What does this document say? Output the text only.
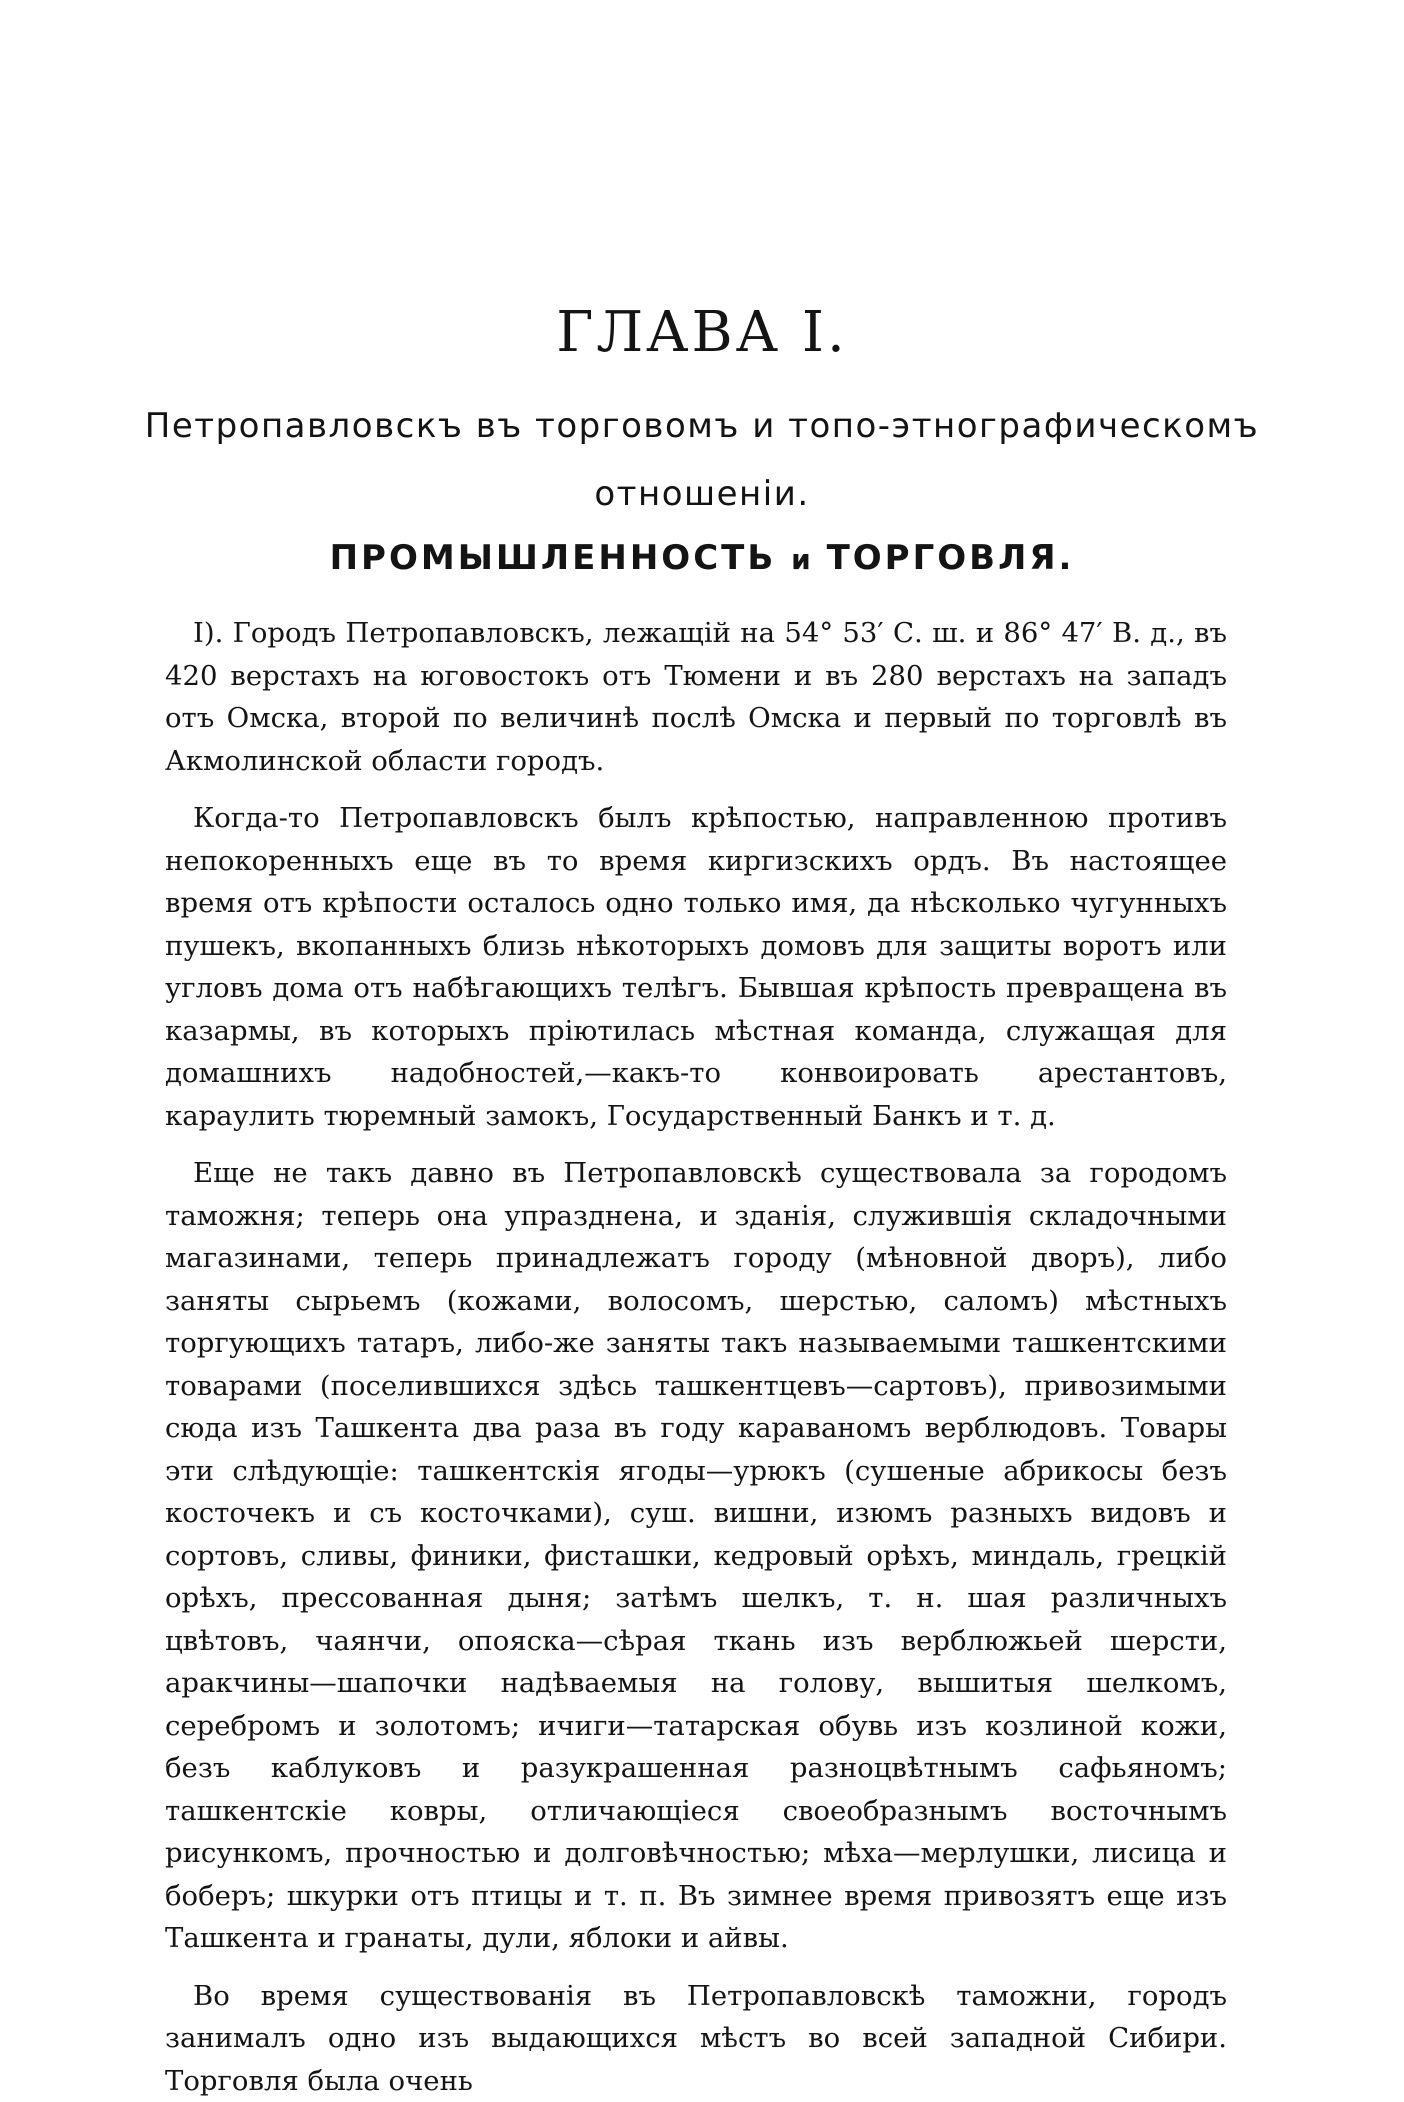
ГЛАВА I.
Петропавловскъ въ торговомъ и топо-этнографическомъ отношеніи.
ПРОМЫШЛЕННОСТЬ и ТОРГОВЛЯ.

I). Городъ Петропавловскъ, лежащій на 54° 53′ С. ш. и 86° 47′ В. д., въ 420 верстахъ на юговостокъ отъ Тюмени и въ 280 верстахъ на западъ отъ Омска, второй по величинѣ послѣ Омска и первый по торговлѣ въ Акмолинской области городъ.

Когда-то Петропавловскъ былъ крѣпостью, направленною противъ непокоренныхъ еще въ то время киргизскихъ ордъ. Въ настоящее время отъ крѣпости осталось одно только имя, да нѣсколько чугунныхъ пушекъ, вкопанныхъ близь нѣкоторыхъ домовъ для защиты воротъ или угловъ дома отъ набѣгающихъ телѣгъ. Бывшая крѣпость превращена въ казармы, въ которыхъ пріютилась мѣстная команда, служащая для домашнихъ надобностей,—какъ-то конвоировать арестантовъ, караулить тюремный замокъ, Государственный Банкъ и т. д.

Еще не такъ давно въ Петропавловскѣ существовала за городомъ таможня; теперь она упразднена, и зданія, служившія складочными магазинами, теперь принадлежатъ городу (мѣновной дворъ), либо заняты сырьемъ (кожами, волосомъ, шерстью, саломъ) мѣстныхъ торгующихъ татаръ, либо-же заняты такъ называемыми ташкентскими товарами (поселившихся здѣсь ташкентцевъ—сартовъ), привозимыми сюда изъ Ташкента два раза въ году караваномъ верблюдовъ. Товары эти слѣдующіе: ташкентскія ягоды—урюкъ (сушеные абрикосы безъ косточекъ и съ косточками), суш. вишни, изюмъ разныхъ видовъ и сортовъ, сливы, финики, фисташки, кедровый орѣхъ, миндаль, грецкій орѣхъ, прессованная дыня; затѣмъ шелкъ, т. н. шая различныхъ цвѣтовъ, чаянчи, опояска—сѣрая ткань изъ верблюжьей шерсти, аракчины—шапочки надѣваемыя на голову, вышитыя шелкомъ, серебромъ и золотомъ; ичиги—татарская обувь изъ козлиной кожи, безъ каблуковъ и разукрашенная разноцвѣтнымъ сафьяномъ; ташкентскіе ковры, отличающіеся своеобразнымъ восточнымъ рисункомъ, прочностью и долговѣчностью; мѣха—мерлушки, лисица и боберъ; шкурки отъ птицы и т. п. Въ зимнее время привозятъ еще изъ Ташкента и гранаты, дули, яблоки и айвы.

Во время существованія въ Петропавловскѣ таможни, городъ занималъ одно изъ выдающихся мѣстъ во всей западной Сибири. Торговля была очень
